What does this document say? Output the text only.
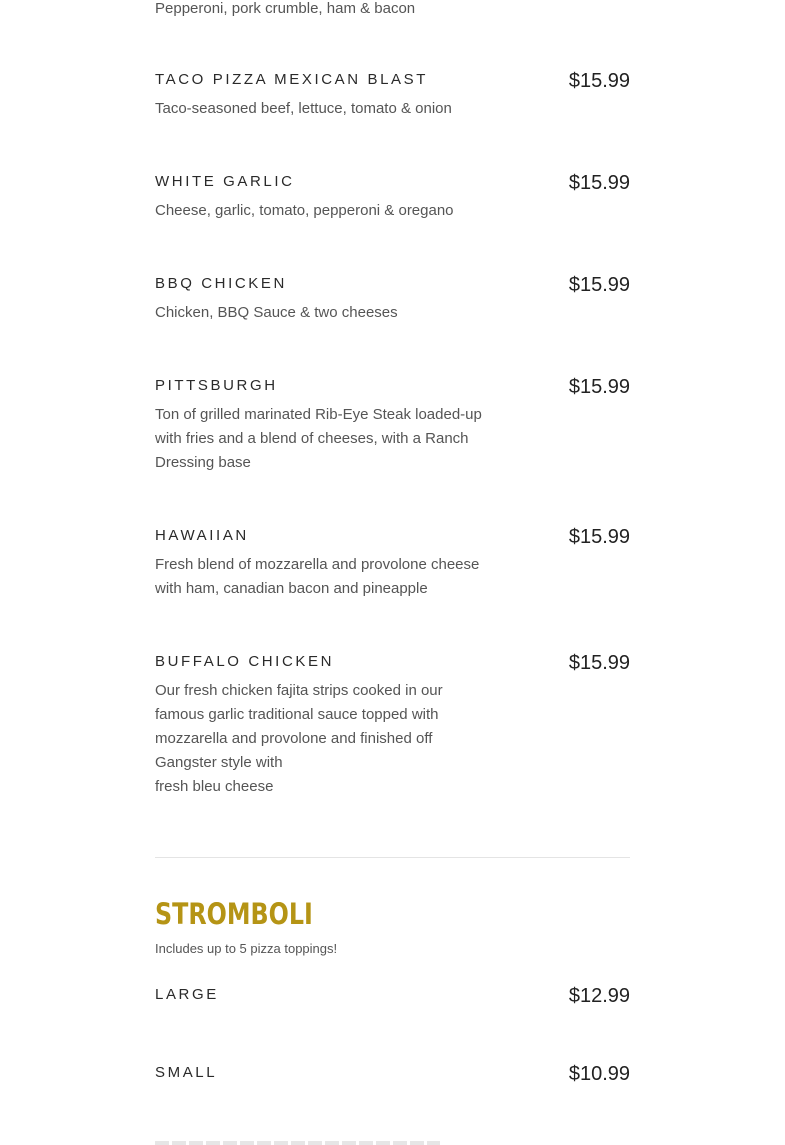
Pepperoni, pork crumble, ham & bacon
TACO PIZZA MEXICAN BLAST	$15.99
Taco-seasoned beef, lettuce, tomato & onion
WHITE GARLIC	$15.99
Cheese, garlic, tomato, pepperoni & oregano
BBQ CHICKEN	$15.99
Chicken, BBQ Sauce & two cheeses
PITTSBURGH	$15.99
Ton of grilled marinated Rib-Eye Steak loaded-up with fries and a blend of cheeses, with a Ranch Dressing base
HAWAIIAN	$15.99
Fresh blend of mozzarella and provolone cheese with ham, canadian bacon and pineapple
BUFFALO CHICKEN	$15.99
Our fresh chicken fajita strips cooked in our famous garlic traditional sauce topped with mozzarella and provolone and finished off Gangster style with
fresh bleu cheese
STROMBOLI
Includes up to 5 pizza toppings!
LARGE	$12.99
SMALL	$10.99
